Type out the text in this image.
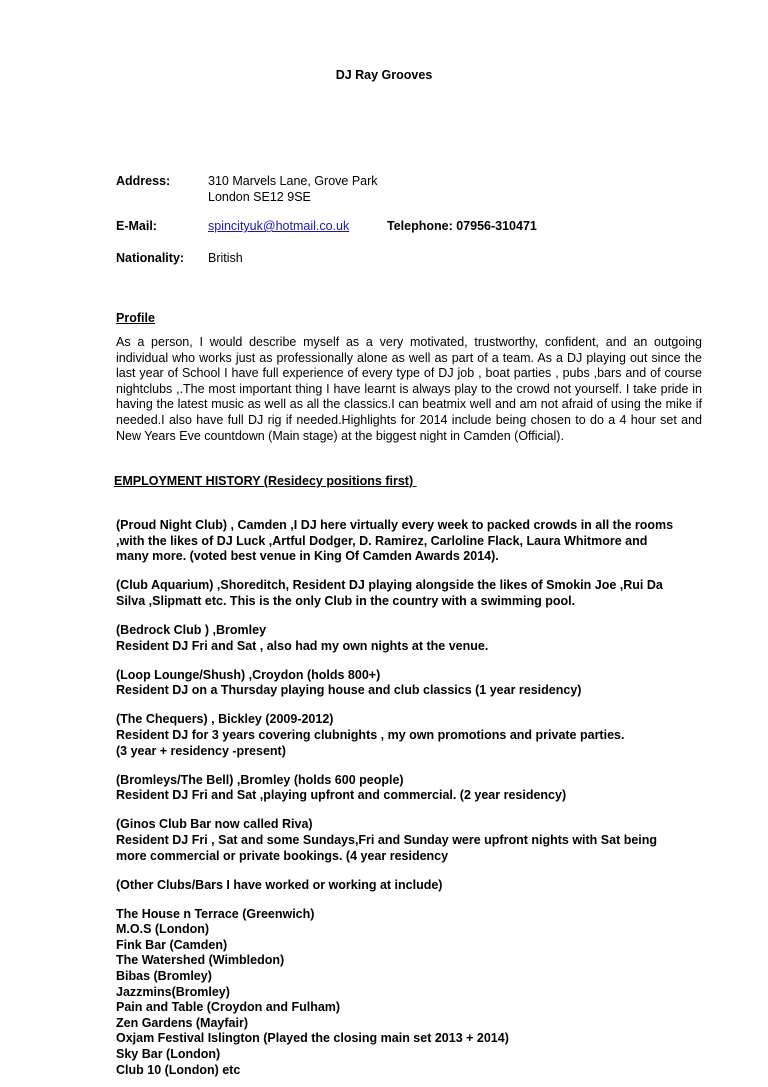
DJ Ray Grooves
Address:	310 Marvels Lane, Grove Park
London SE12 9SE
E-Mail:	spincityuk@hotmail.co.uk	Telephone: 07956-310471
Nationality: British
Profile
As a person, I would describe myself as a very motivated, trustworthy, confident, and an outgoing individual who works just as professionally alone as well as part of a team. As a DJ playing out since the last year of School I have full experience of every type of DJ job , boat parties , pubs ,bars and of course nightclubs ,.The most important thing I have learnt is always play to the crowd not yourself. I take pride in having the latest music as well as all the classics.I can beatmix well and am not afraid of using the mike if needed.I also have full DJ rig if needed.Highlights for 2014 include being chosen to do a 4 hour set and New Years Eve countdown (Main stage) at the biggest night in Camden (Official).
EMPLOYMENT HISTORY (Residecy positions first)
(Proud Night Club) , Camden ,I DJ here virtually every week to packed crowds in all the rooms
,with the likes of DJ Luck ,Artful Dodger, D. Ramirez, Carloline Flack, Laura Whitmore and
many more. (voted best venue in King Of Camden Awards 2014).
(Club Aquarium) ,Shoreditch, Resident DJ playing alongside the likes of Smokin Joe ,Rui Da
Silva ,Slipmatt etc. This is the only Club in the country with a swimming pool.
(Bedrock Club ) ,Bromley
Resident DJ Fri and Sat , also had my own nights at the venue.
(Loop Lounge/Shush) ,Croydon (holds 800+)
Resident DJ on a Thursday playing house and club classics (1 year residency)
(The Chequers) , Bickley (2009-2012)
Resident DJ for 3 years covering clubnights , my own promotions and private parties.
(3 year + residency -present)
(Bromleys/The Bell) ,Bromley (holds 600 people)
Resident DJ Fri and Sat ,playing upfront and commercial. (2 year residency)
(Ginos Club Bar now called Riva)
Resident DJ Fri , Sat and some Sundays,Fri and Sunday were upfront nights with Sat being
more commercial or private bookings. (4 year residency
(Other Clubs/Bars I have worked or working at include)
The House n Terrace (Greenwich)
M.O.S (London)
Fink Bar (Camden)
The Watershed (Wimbledon)
Bibas (Bromley)
Jazzmins(Bromley)
Pain and Table (Croydon and Fulham)
Zen Gardens (Mayfair)
Oxjam Festival Islington (Played the closing main set 2013 + 2014)
Sky Bar (London)
Club 10 (London) etc
